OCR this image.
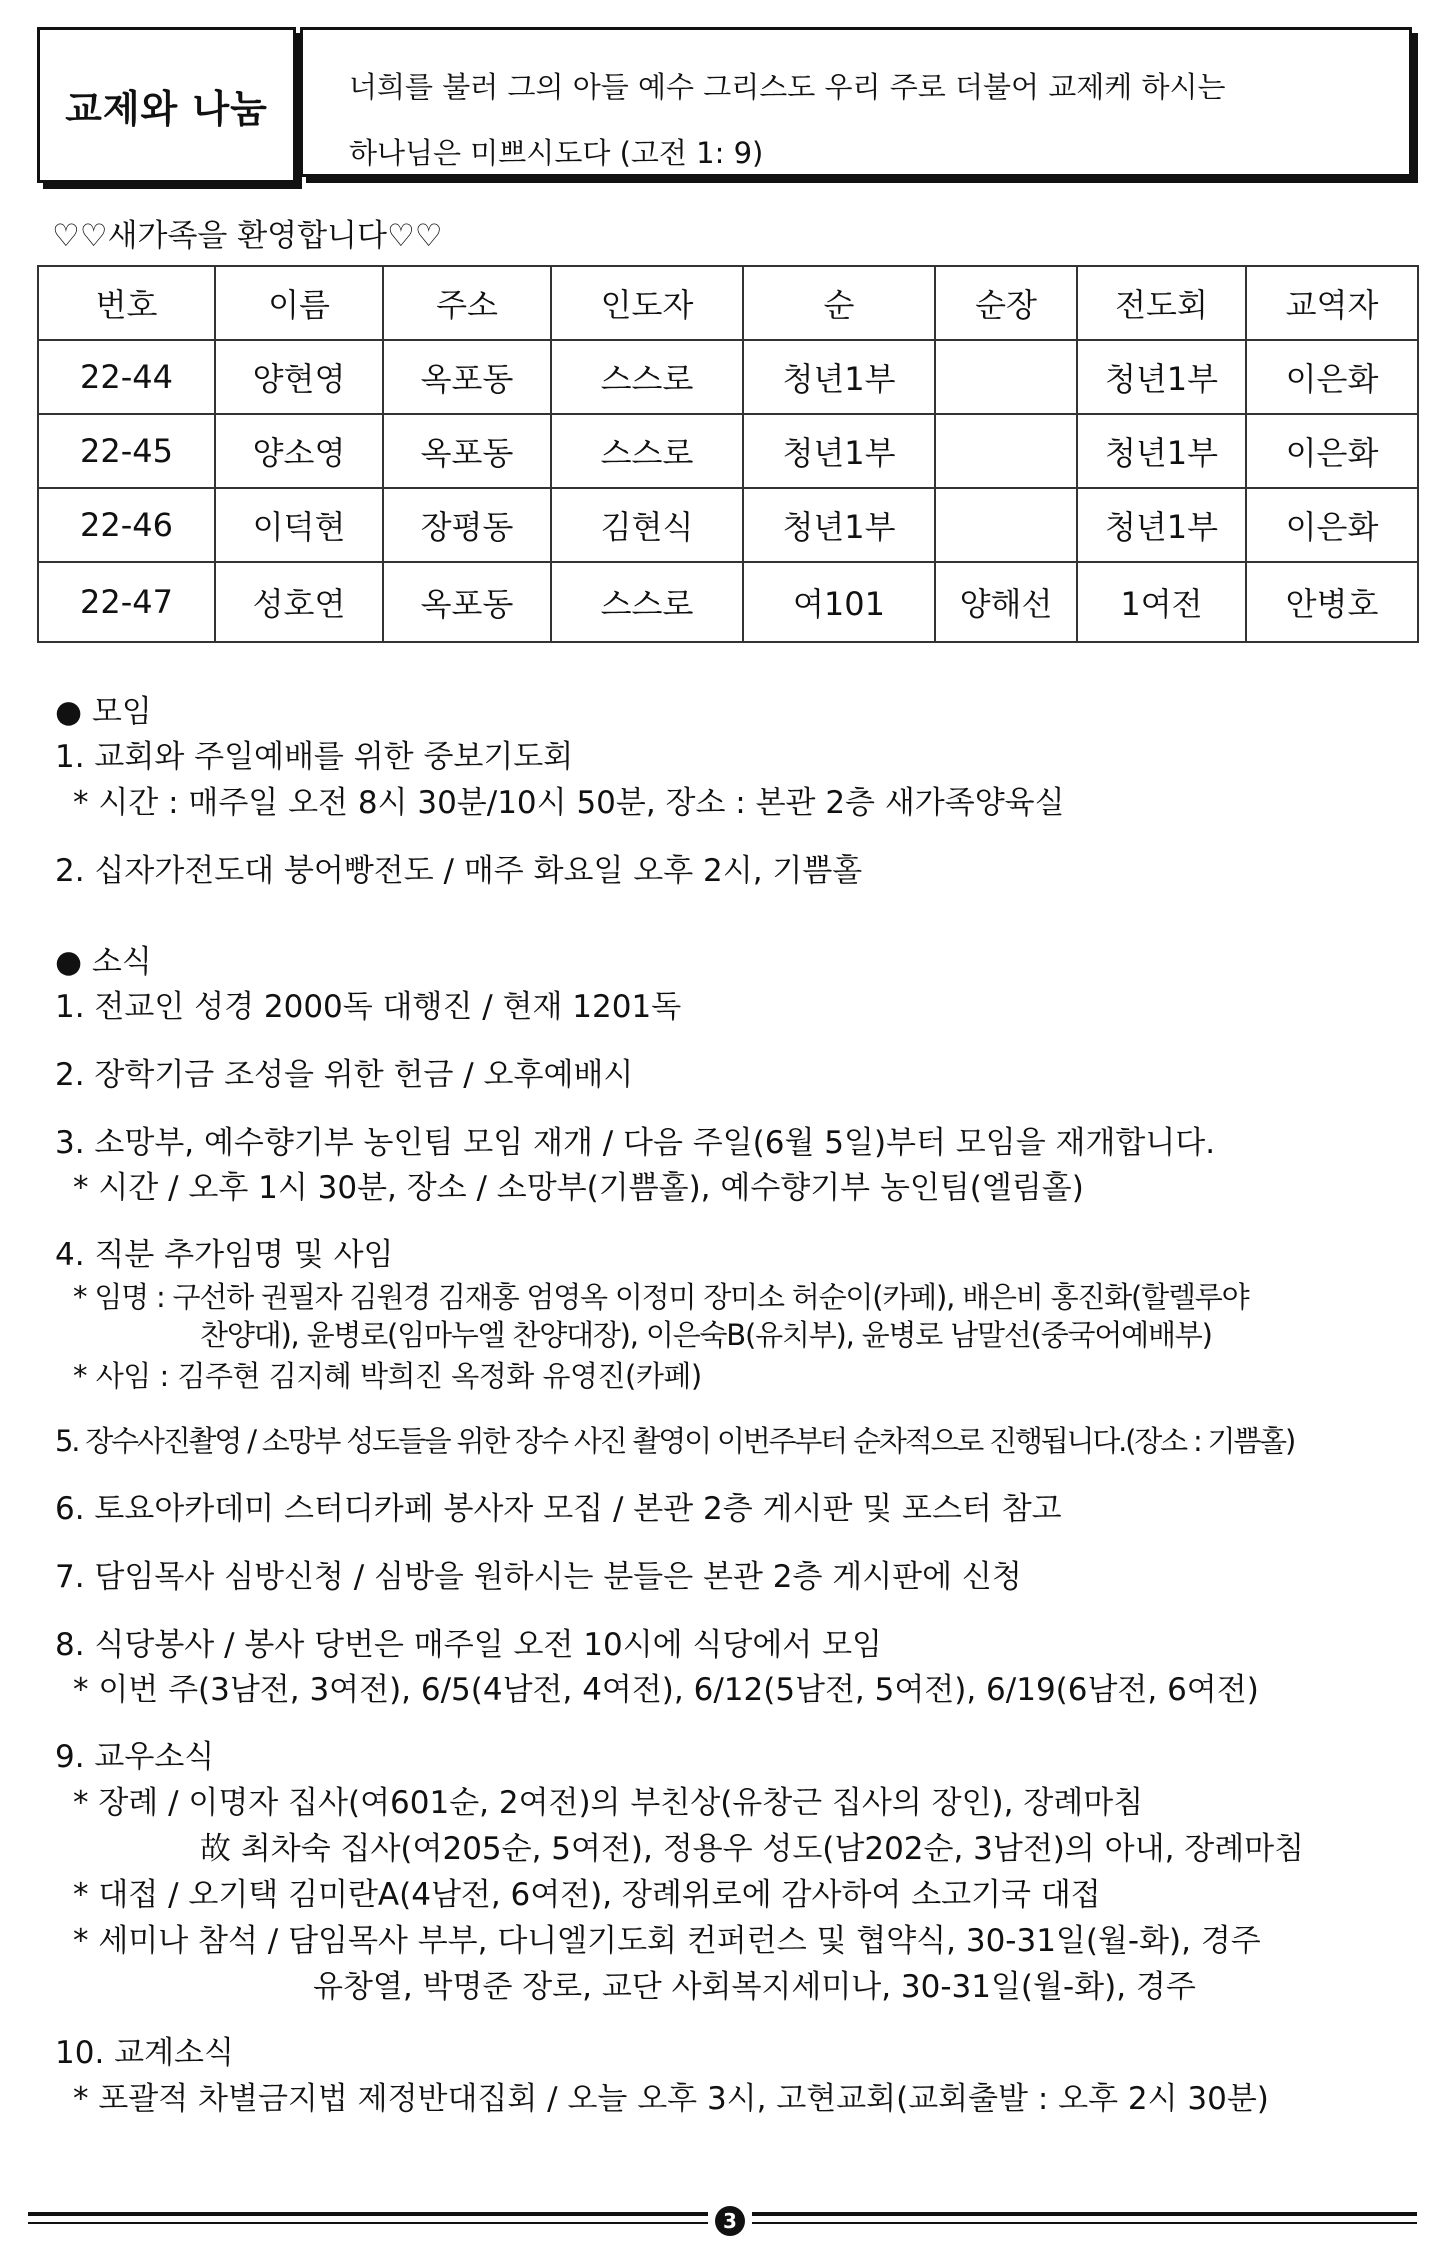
교제와 나눔	너희를 불러 그의 아들 예수 그리스도 우리 주로 더불어 교제케 하시는
하나님은 미쁘시도다 (고전 1: 9)
♡♡새가족을 환영합니다♡♡
번호	이름	주소	인도자	순	순장	전도회	교역자
22-44	양현영	옥포동	스스로	청년1부		청년1부	이은화
22-45	양소영	옥포동	스스로	청년1부		청년1부	이은화
22-46	이덕현	장평동	김현식	청년1부		청년1부	이은화
22-47	성호연	옥포동	스스로	여101	양해선	1여전	안병호
● 모임
1. 교회와 주일예배를 위한 중보기도회
* 시간 : 매주일 오전 8시 30분/10시 50분, 장소 : 본관 2층 새가족양육실
2. 십자가전도대 붕어빵전도 / 매주 화요일 오후 2시, 기쁨홀
● 소식
1. 전교인 성경 2000독 대행진 / 현재 1201독
2. 장학기금 조성을 위한 헌금 / 오후예배시
3. 소망부, 예수향기부 농인팀 모임 재개 / 다음 주일(6월 5일)부터 모임을 재개합니다.
* 시간 / 오후 1시 30분, 장소 / 소망부(기쁨홀), 예수향기부 농인팀(엘림홀)
4. 직분 추가임명 및 사임
* 임명 : 구선하 권필자 김원경 김재홍 엄영옥 이정미 장미소 허순이(카페), 배은비 홍진화(할렐루야
찬양대), 윤병로(임마누엘 찬양대장), 이은숙B(유치부), 윤병로 남말선(중국어예배부)
* 사임 : 김주현 김지혜 박희진 옥정화 유영진(카페)
5. 장수사진촬영 / 소망부 성도들을 위한 장수 사진 촬영이 이번주부터 순차적으로 진행됩니다.(장소 : 기쁨홀)
6. 토요아카데미 스터디카페 봉사자 모집 / 본관 2층 게시판 및 포스터 참고
7. 담임목사 심방신청 / 심방을 원하시는 분들은 본관 2층 게시판에 신청
8. 식당봉사 / 봉사 당번은 매주일 오전 10시에 식당에서 모임
* 이번 주(3남전, 3여전), 6/5(4남전, 4여전), 6/12(5남전, 5여전), 6/19(6남전, 6여전)
9. 교우소식
* 장례 / 이명자 집사(여601순, 2여전)의 부친상(유창근 집사의 장인), 장례마침
故 최차숙 집사(여205순, 5여전), 정용우 성도(남202순, 3남전)의 아내, 장례마침
* 대접 / 오기택 김미란A(4남전, 6여전), 장례위로에 감사하여 소고기국 대접
* 세미나 참석 / 담임목사 부부, 다니엘기도회 컨퍼런스 및 협약식, 30-31일(월-화), 경주
유창열, 박명준 장로, 교단 사회복지세미나, 30-31일(월-화), 경주
10. 교계소식
* 포괄적 차별금지법 제정반대집회 / 오늘 오후 3시, 고현교회(교회출발 : 오후 2시 30분)
3
